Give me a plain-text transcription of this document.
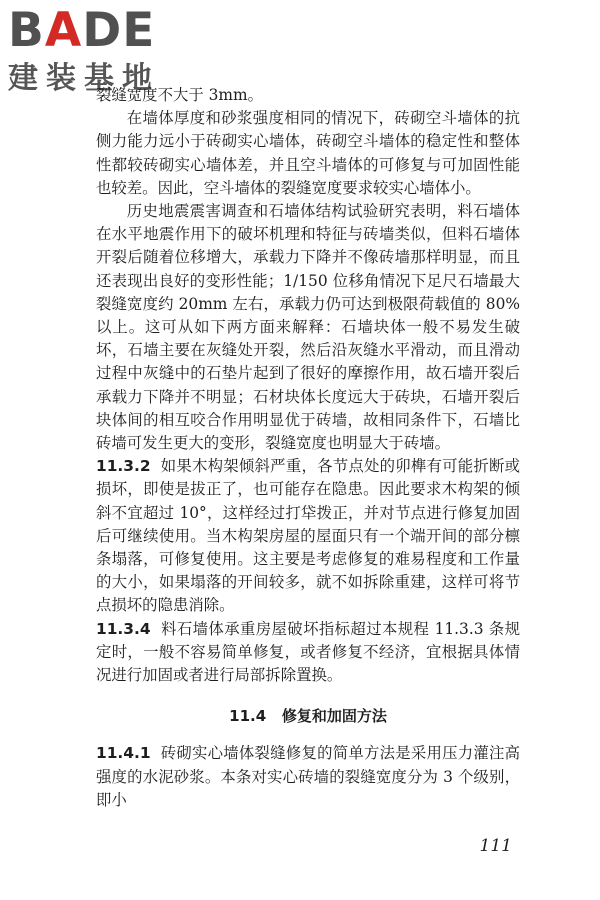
BADE
建装基地

裂缝宽度不大于 3mm。

在墙体厚度和砂浆强度相同的情况下，砖砌空斗墙体的抗侧力能力远小于砖砌实心墙体，砖砌空斗墙体的稳定性和整体性都较砖砌实心墙体差，并且空斗墙体的可修复与可加固性能也较差。因此，空斗墙体的裂缝宽度要求较实心墙体小。

历史地震震害调查和石墙体结构试验研究表明，料石墙体在水平地震作用下的破坏机理和特征与砖墙类似，但料石墙体开裂后随着位移增大，承载力下降并不像砖墙那样明显，而且还表现出良好的变形性能；1/150 位移角情况下足尺石墙最大裂缝宽度约 20mm 左右，承载力仍可达到极限荷载值的 80%以上。这可从如下两方面来解释：石墙块体一般不易发生破坏，石墙主要在灰缝处开裂，然后沿灰缝水平滑动，而且滑动过程中灰缝中的石垫片起到了很好的摩擦作用，故石墙开裂后承载力下降并不明显；石材块体长度远大于砖块，石墙开裂后块体间的相互咬合作用明显优于砖墙，故相同条件下，石墙比砖墙可发生更大的变形，裂缝宽度也明显大于砖墙。

11.3.2 如果木构架倾斜严重，各节点处的卯榫有可能折断或损坏，即使是拔正了，也可能存在隐患。因此要求木构架的倾斜不宜超过 10°，这样经过打牮拨正，并对节点进行修复加固后可继续使用。当木构架房屋的屋面只有一个端开间的部分檩条塌落，可修复使用。这主要是考虑修复的难易程度和工作量的大小，如果塌落的开间较多，就不如拆除重建，这样可将节点损坏的隐患消除。

11.3.4 料石墙体承重房屋破坏指标超过本规程 11.3.3 条规定时，一般不容易简单修复，或者修复不经济，宜根据具体情况进行加固或者进行局部拆除置换。

11.4 修复和加固方法

11.4.1 砖砌实心墙体裂缝修复的简单方法是采用压力灌注高强度的水泥砂浆。本条对实心砖墙的裂缝宽度分为 3 个级别，即小

111
